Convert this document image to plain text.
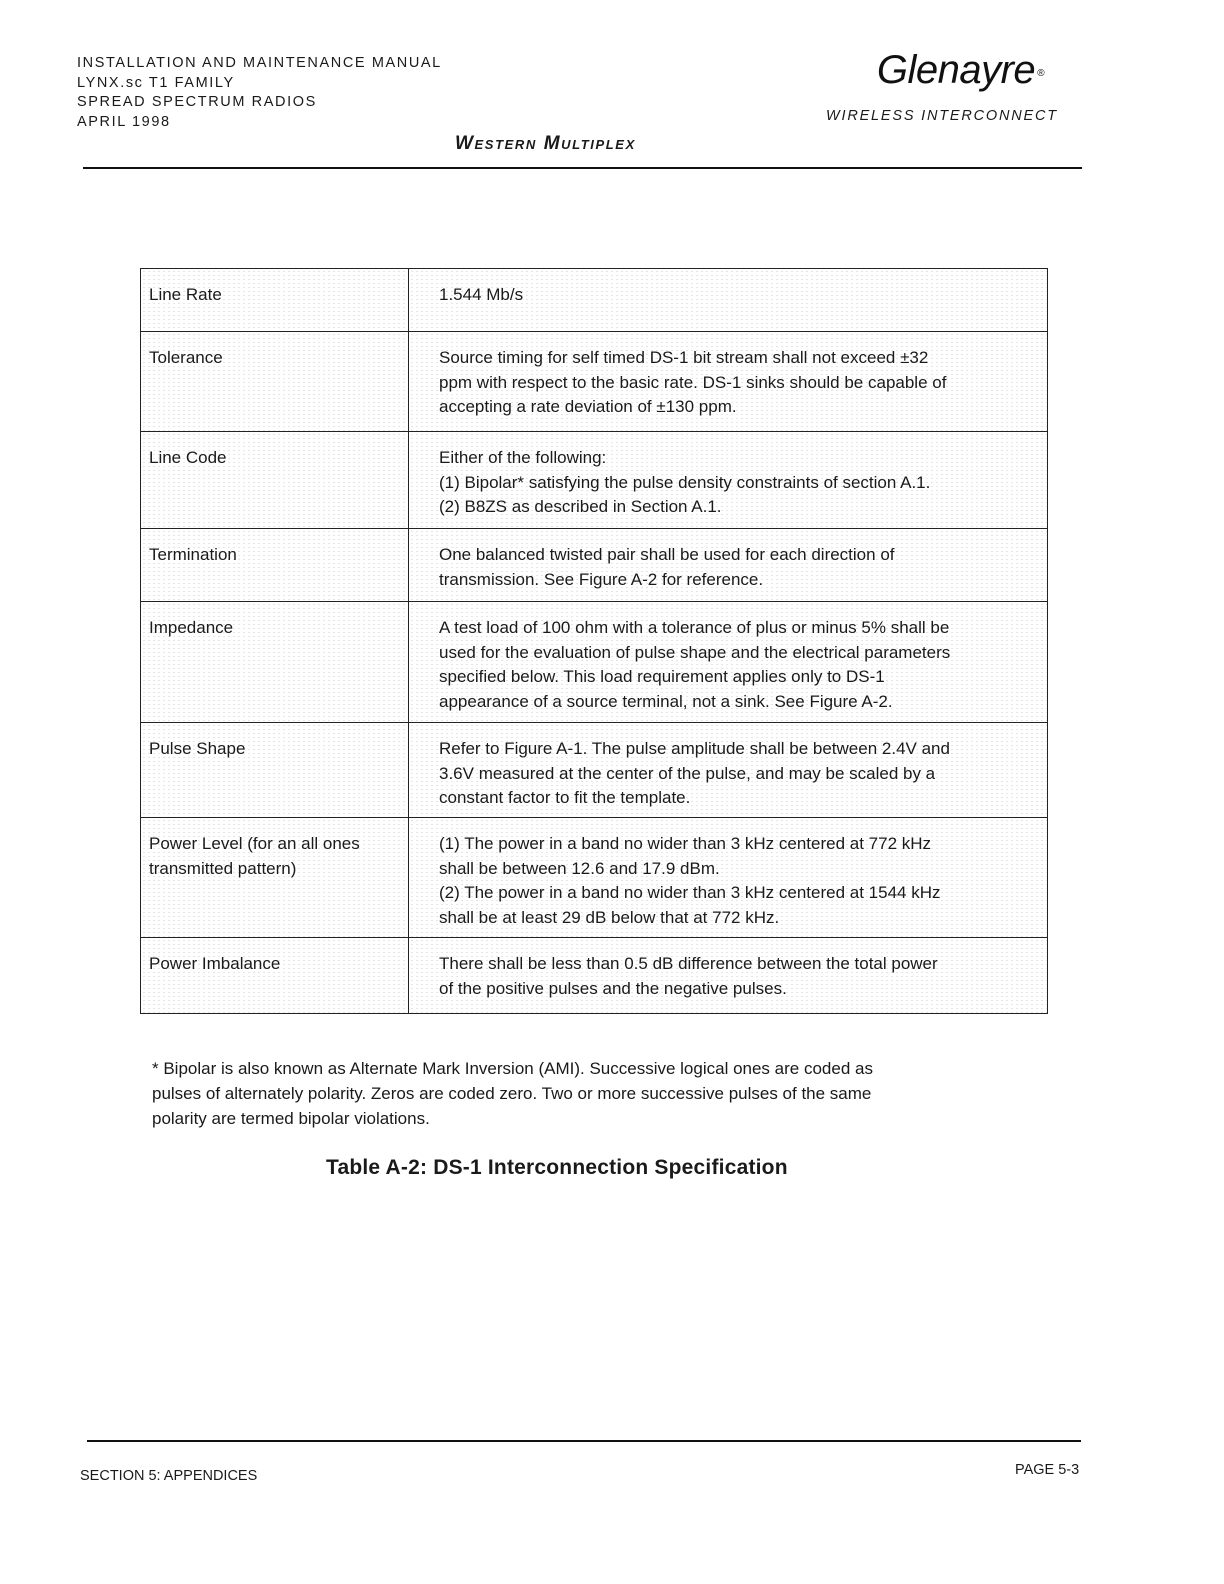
INSTALLATION AND MAINTENANCE MANUAL
LYNX.sc T1 FAMILY
SPREAD SPECTRUM RADIOS
APRIL 1998
Glenayre ®
WIRELESS INTERCONNECT
Western Multiplex
Line Rate	1.544 Mb/s

Tolerance	Source timing for self timed DS-1 bit stream shall not exceed ±32
ppm with respect to the basic rate. DS-1 sinks should be capable of
accepting a rate deviation of ±130 ppm.

Line Code	Either of the following:
(1) Bipolar* satisfying the pulse density constraints of section A.1.
(2) B8ZS as described in Section A.1.

Termination	One balanced twisted pair shall be used for each direction of
transmission. See Figure A-2 for reference.

Impedance	A test load of 100 ohm with a tolerance of plus or minus 5% shall be
used for the evaluation of pulse shape and the electrical parameters
specified below. This load requirement applies only to DS-1
appearance of a source terminal, not a sink. See Figure A-2.

Pulse Shape	Refer to Figure A-1. The pulse amplitude shall be between 2.4V and
3.6V measured at the center of the pulse, and may be scaled by a
constant factor to fit the template.

Power Level (for an all ones transmitted pattern)	(1) The power in a band no wider than 3 kHz centered at 772 kHz
shall be between 12.6 and 17.9 dBm.
(2) The power in a band no wider than 3 kHz centered at 1544 kHz
shall be at least 29 dB below that at 772 kHz.

Power Imbalance	There shall be less than 0.5 dB difference between the total power
of the positive pulses and the negative pulses.
* Bipolar is also known as Alternate Mark Inversion (AMI). Successive logical ones are coded as
pulses of alternately polarity. Zeros are coded zero. Two or more successive pulses of the same
polarity are termed bipolar violations.
Table A-2: DS-1 Interconnection Specification
SECTION 5: APPENDICES	PAGE 5-3
